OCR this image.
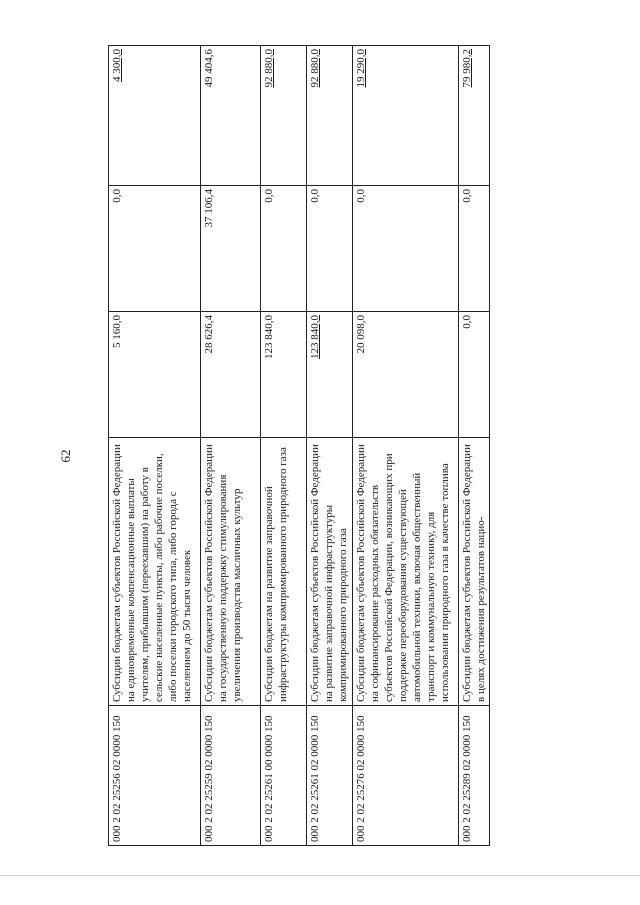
62
000 2 02 25256 02 0000 150	Субсидии бюджетам субъектов Российской Федерации на единовременные компенсационные выплаты учителям, прибывшим (переехавшим) на работу в сельские населенные пункты, либо рабочие поселки, либо поселки городского типа, либо города с населением до 50 тысяч человек	5 160,0	0,0	4 300,0
000 2 02 25259 02 0000 150	Субсидии бюджетам субъектов Российской Федерации на государственную поддержку стимулирования увеличения производства масличных культур	28 626,4	37 106,4	49 404,6
000 2 02 25261 00 0000 150	Субсидии бюджетам на развитие заправочной инфраструктуры компримированного природного газа	123 840,0	0,0	92 880,0
000 2 02 25261 02 0000 150	Субсидии бюджетам субъектов Российской Федерации на развитие заправочной инфраструктуры компримированного природного газа	123 840,0	0,0	92 880,0
000 2 02 25276 02 0000 150	Субсидии бюджетам субъектов Российской Федерации на софинансирование расходных обязательств субъектов Российской Федерации, возникающих при поддержке переоборудования существующей автомобильной техники, включая общественный транспорт и коммунальную технику, для использования природного газа в качестве топлива	20 098,0	0,0	19 290,0
000 2 02 25289 02 0000 150	Субсидии бюджетам субъектов Российской Федерации в целях достижения результатов нацио-	0,0	0,0	79 980,2
